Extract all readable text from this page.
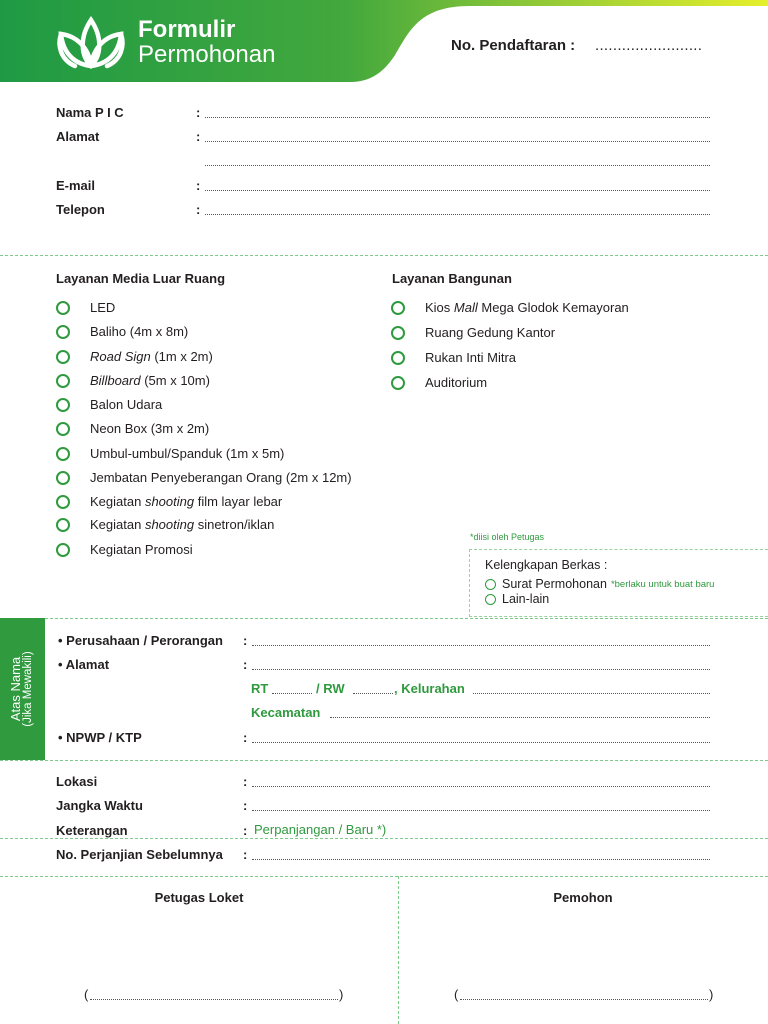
Formulir
Permohonan	No. Pendaftaran : ........................
Nama P I C	:
Alamat	:
E-mail	:
Telepon	:
Layanan Media Luar Ruang	Layanan Bangunan
LED
Baliho (4m x 8m)
Road Sign (1m x 2m)
Billboard (5m x 10m)
Balon Udara
Neon Box (3m x 2m)
Umbul-umbul/Spanduk (1m x 5m)
Jembatan Penyeberangan Orang (2m x 12m)
Kegiatan shooting film layar lebar
Kegiatan shooting sinetron/iklan
Kegiatan Promosi
Kios Mall Mega Glodok Kemayoran
Ruang Gedung Kantor
Rukan Inti Mitra
Auditorium
*diisi oleh Petugas
Kelengkapan Berkas :
Surat Permohonan *berlaku untuk buat baru
Lain-lain
Atas Nama (Jika Mewakili)
• Perusahaan / Perorangan :
• Alamat	:
RT	/ RW	, Kelurahan
Kecamatan
• NPWP / KTP	:
Lokasi	:
Jangka Waktu	:
Keterangan	: Perpanjangan / Baru *)
No. Perjanjian Sebelumnya :
Petugas Loket	Pemohon
(	)	(	)
